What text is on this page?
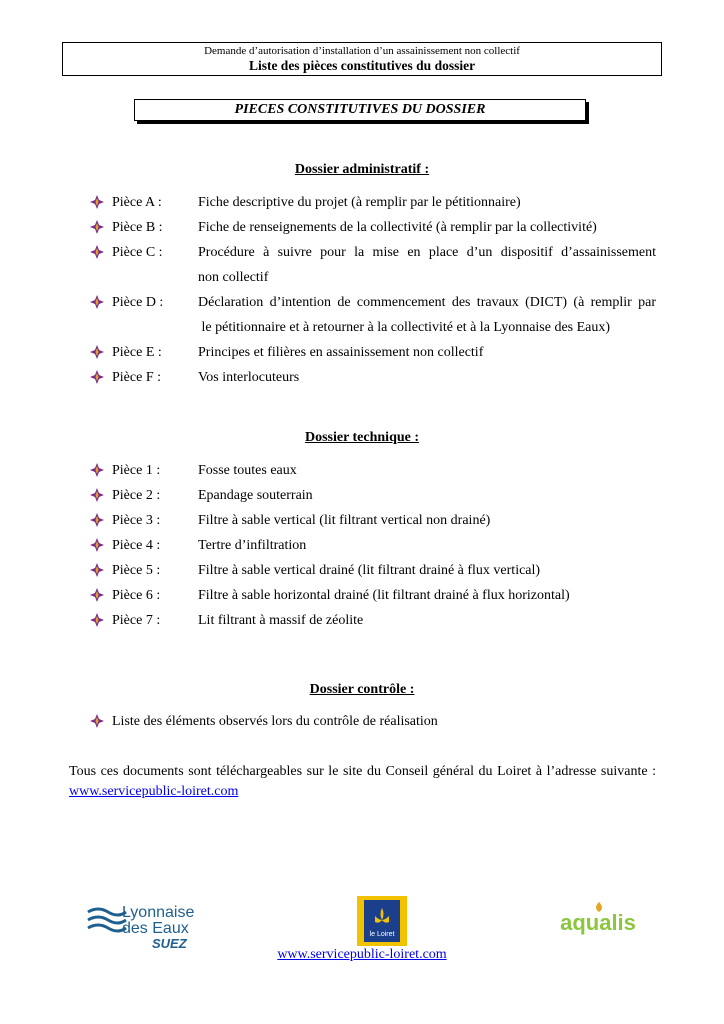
Demande d’autorisation d’installation d’un assainissement non collectif
Liste des pièces constitutives du dossier
PIECES CONSTITUTIVES DU DOSSIER
Dossier administratif :
Pièce A :	Fiche descriptive du projet (à remplir par le pétitionnaire)
Pièce B :	Fiche de renseignements de la collectivité (à remplir par la collectivité)
Pièce C :	Procédure à suivre pour la mise en place d’un dispositif d’assainissement
non collectif
Pièce D : Déclaration d’intention de commencement des travaux (DICT) (à remplir par
le pétitionnaire et à retourner à la collectivité et à la Lyonnaise des Eaux)
Pièce E :	Principes et filières en assainissement non collectif
Pièce F :	Vos interlocuteurs
Dossier technique :
Pièce 1 :	Fosse toutes eaux
Pièce 2 :	Epandage souterrain
Pièce 3 :	Filtre à sable vertical (lit filtrant vertical non drainé)
Pièce 4 :	Tertre d’infiltration
Pièce 5 :	Filtre à sable vertical drainé (lit filtrant drainé à flux vertical)
Pièce 6 :	Filtre à sable horizontal drainé (lit filtrant drainé à flux horizontal)
Pièce 7 :	Lit filtrant à massif de zéolite
Dossier contrôle :
Liste des éléments observés lors du contrôle de réalisation
Tous ces documents sont téléchargeables sur le site du Conseil général du Loiret à l’adresse suivante : www.servicepublic-loiret.com
Lyonnaise
des Eaux
SUEZ
le Loiret	aqualis
www.servicepublic-loiret.com
